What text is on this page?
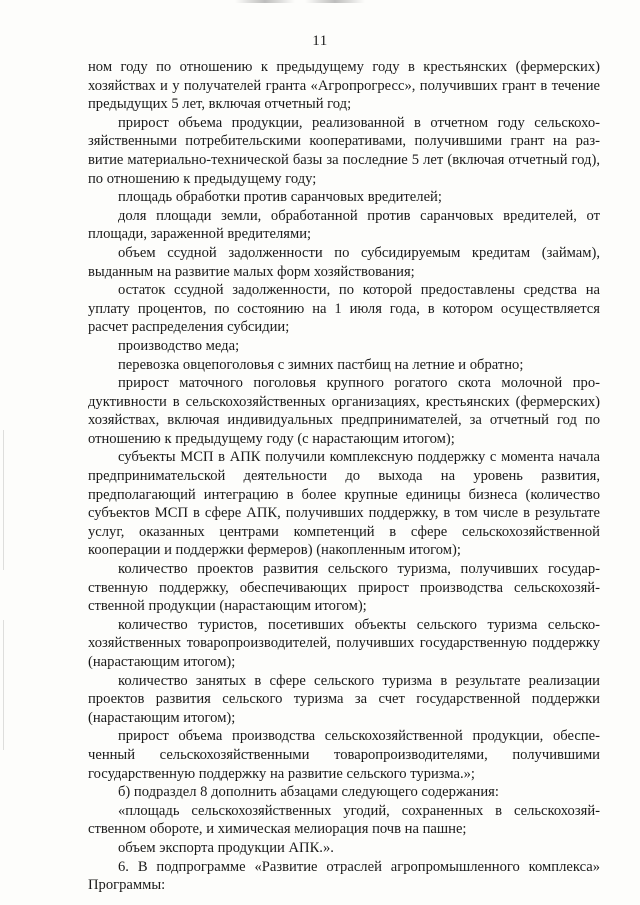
11

ном году по отношению к предыдущему году в крестьянских (фермерских) хозяйствах и у получателей гранта «Агропрогресс», получивших грант в течение предыдущих 5 лет, включая отчетный год;

прирост объема продукции, реализованной в отчетном году сельскохозяйственными потребительскими кооперативами, получившими грант на развитие материально-технической базы за последние 5 лет (включая отчетный год), по отношению к предыдущему году;

площадь обработки против саранчовых вредителей;

доля площади земли, обработанной против саранчовых вредителей, от площади, зараженной вредителями;

объем ссудной задолженности по субсидируемым кредитам (займам), выданным на развитие малых форм хозяйствования;

остаток ссудной задолженности, по которой предоставлены средства на уплату процентов, по состоянию на 1 июля года, в котором осуществляется расчет распределения субсидии;

производство меда;

перевозка овцепоголовья с зимних пастбищ на летние и обратно;

прирост маточного поголовья крупного рогатого скота молочной продуктивности в сельскохозяйственных организациях, крестьянских (фермерских) хозяйствах, включая индивидуальных предпринимателей, за отчетный год по отношению к предыдущему году (с нарастающим итогом);

субъекты МСП в АПК получили комплексную поддержку с момента начала предпринимательской деятельности до выхода на уровень развития, предполагающий интеграцию в более крупные единицы бизнеса (количество субъектов МСП в сфере АПК, получивших поддержку, в том числе в результате услуг, оказанных центрами компетенций в сфере сельскохозяйственной кооперации и поддержки фермеров) (накопленным итогом);

количество проектов развития сельского туризма, получивших государственную поддержку, обеспечивающих прирост производства сельскохозяйственной продукции (нарастающим итогом);

количество туристов, посетивших объекты сельского туризма сельскохозяйственных товаропроизводителей, получивших государственную поддержку (нарастающим итогом);

количество занятых в сфере сельского туризма в результате реализации проектов развития сельского туризма за счет государственной поддержки (нарастающим итогом);

прирост объема производства сельскохозяйственной продукции, обеспеченный сельскохозяйственными товаропроизводителями, получившими государственную поддержку на развитие сельского туризма.»;

б) подраздел 8 дополнить абзацами следующего содержания:

«площадь сельскохозяйственных угодий, сохраненных в сельскохозяйственном обороте, и химическая мелиорация почв на пашне;

объем экспорта продукции АПК.».

6. В подпрограмме «Развитие отраслей агропромышленного комплекса» Программы:
